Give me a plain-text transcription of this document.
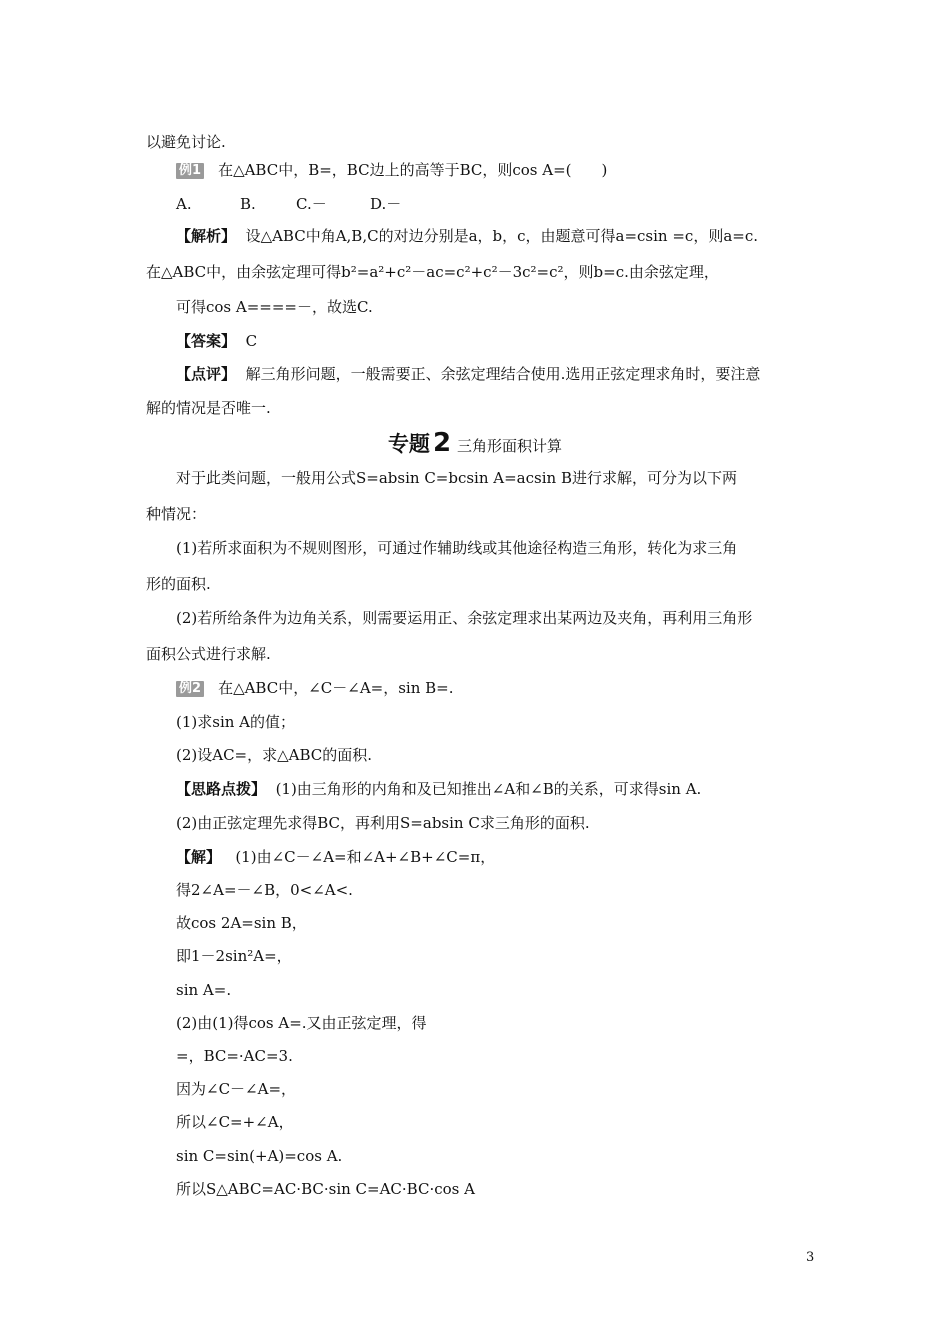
以避免讨论.
例1 在△ABC中，B=，BC边上的高等于BC，则cos A=(　　)
A.	B.	C.－	D.－
【解析】 设△ABC中角A,B,C的对边分别是a，b，c，由题意可得a=csin =c，则a=c.
在△ABC中，由余弦定理可得b²=a²+c²－ac=c²+c²－3c²=c²，则b=c.由余弦定理，
可得cos A====－，故选C.
【答案】 C
【点评】 解三角形问题，一般需要正、余弦定理结合使用.选用正弦定理求角时，要注意
解的情况是否唯一.
专题 2 三角形面积计算
对于此类问题，一般用公式S=absin C=bcsin A=acsin B进行求解，可分为以下两
种情况：
(1)若所求面积为不规则图形，可通过作辅助线或其他途径构造三角形，转化为求三角
形的面积.
(2)若所给条件为边角关系，则需要运用正、余弦定理求出某两边及夹角，再利用三角形
面积公式进行求解.
例2 在△ABC中，∠C－∠A=，sin B=.
(1)求sin A的值；
(2)设AC=，求△ABC的面积.
【思路点拨】 (1)由三角形的内角和及已知推出∠A和∠B的关系，可求得sin A.
(2)由正弦定理先求得BC，再利用S=absin C求三角形的面积.
【解】 (1)由∠C－∠A=和∠A+∠B+∠C=π，
得2∠A=－∠B，0<∠A<.
故cos 2A=sin B，
即1－2sin²A=，
sin A=.
(2)由(1)得cos A=.又由正弦定理，得
=，BC=·AC=3.
因为∠C－∠A=，
所以∠C=+∠A，
sin C=sin(+A)=cos A.
所以S△ABC=AC·BC·sin C=AC·BC·cos A
3
